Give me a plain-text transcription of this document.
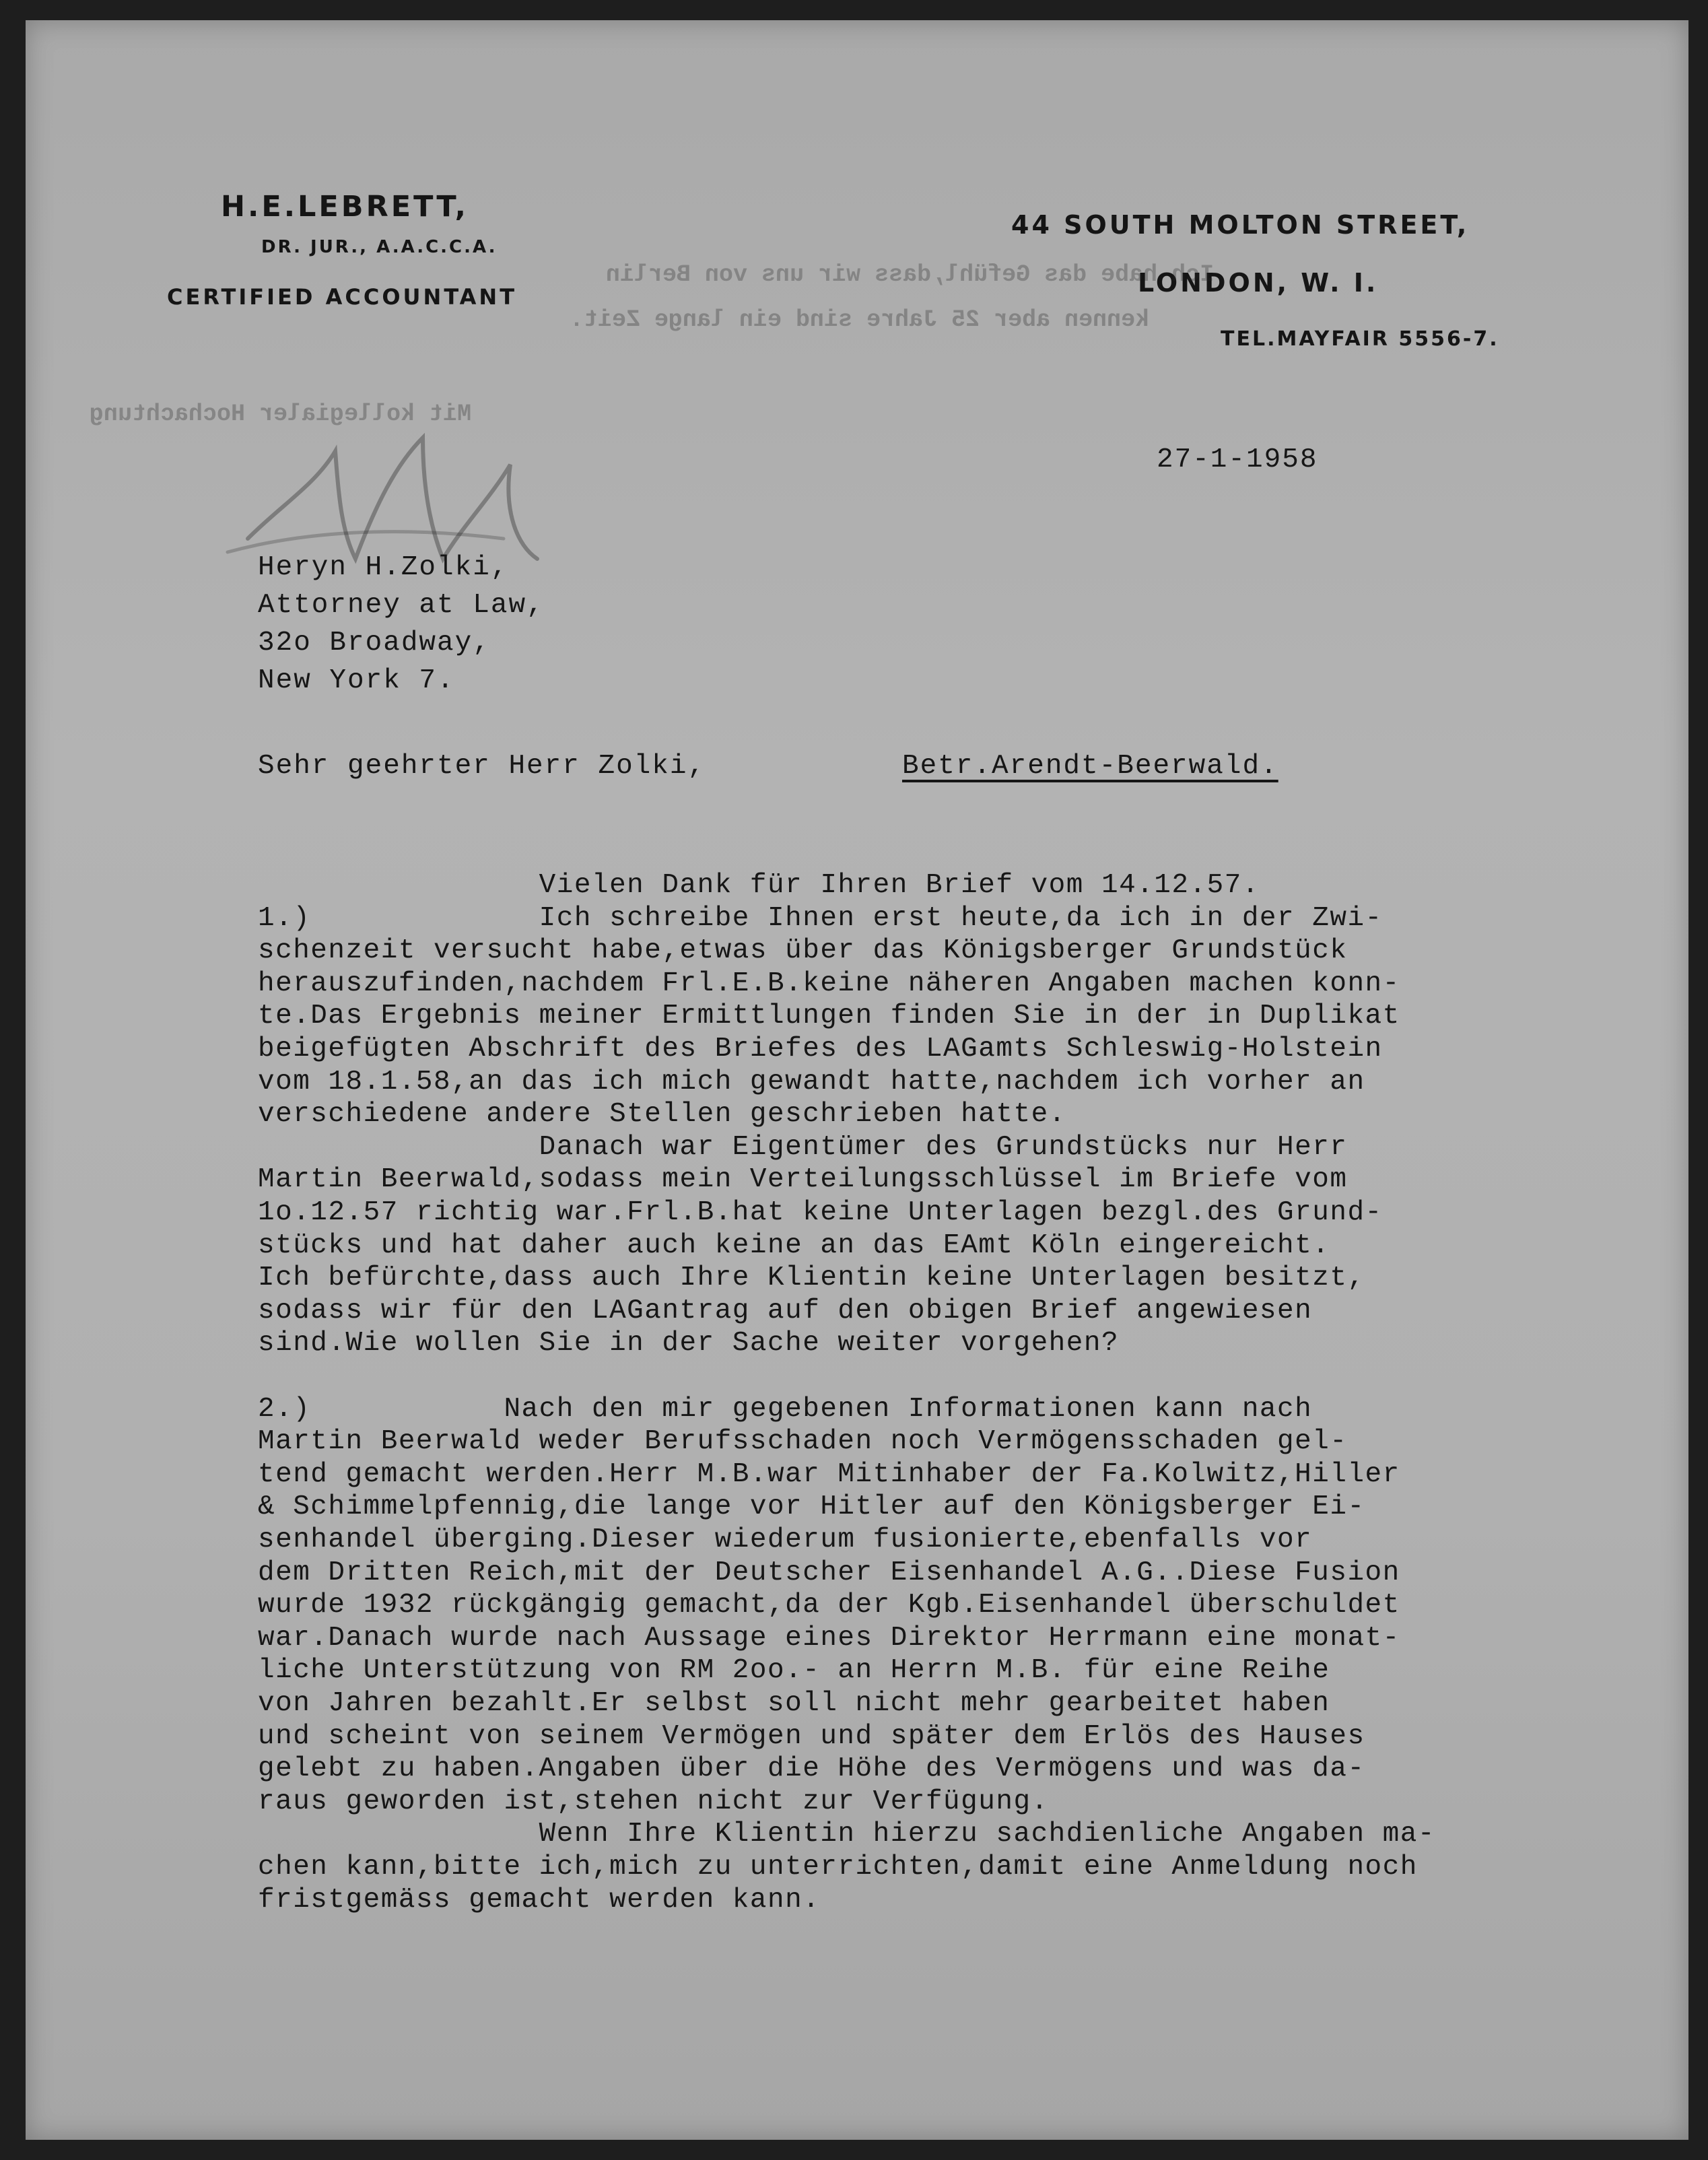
H.E.LEBRETT,
DR. JUR., A.A.C.C.A.
CERTIFIED ACCOUNTANT
44 SOUTH MOLTON STREET,
LONDON, W. I.
TEL.MAYFAIR 5556-7.
Ich habe das Gefühl,dass wir uns von Berlin
kennen aber 25 Jahre sind ein lange Zeit.
Mit kollegialer Hochachtung
27-1-1958
Heryn H.Zolki,
Attorney at Law,
32o Broadway,
New York 7.
Sehr geehrter Herr Zolki,	Betr.Arendt-Beerwald.
Vielen Dank für Ihren Brief vom 14.12.57.
1.)             Ich schreibe Ihnen erst heute,da ich in der Zwi-
schenzeit versucht habe,etwas über das Königsberger Grundstück
herauszufinden,nachdem Frl.E.B.keine näheren Angaben machen konn-
te.Das Ergebnis meiner Ermittlungen finden Sie in der in Duplikat
beigefügten Abschrift des Briefes des LAGamts Schleswig-Holstein
vom 18.1.58,an das ich mich gewandt hatte,nachdem ich vorher an
verschiedene andere Stellen geschrieben hatte.
Danach war Eigentümer des Grundstücks nur Herr
Martin Beerwald,sodass mein Verteilungsschlüssel im Briefe vom
1o.12.57 richtig war.Frl.B.hat keine Unterlagen bezgl.des Grund-
stücks und hat daher auch keine an das EAmt Köln eingereicht.
Ich befürchte,dass auch Ihre Klientin keine Unterlagen besitzt,
sodass wir für den LAGantrag auf den obigen Brief angewiesen
sind.Wie wollen Sie in der Sache weiter vorgehen?
2.)           Nach den mir gegebenen Informationen kann nach
Martin Beerwald weder Berufsschaden noch Vermögensschaden gel-
tend gemacht werden.Herr M.B.war Mitinhaber der Fa.Kolwitz,Hiller
& Schimmelpfennig,die lange vor Hitler auf den Königsberger Ei-
senhandel überging.Dieser wiederum fusionierte,ebenfalls vor
dem Dritten Reich,mit der Deutscher Eisenhandel A.G..Diese Fusion
wurde 1932 rückgängig gemacht,da der Kgb.Eisenhandel überschuldet
war.Danach wurde nach Aussage eines Direktor Herrmann eine monat-
liche Unterstützung von RM 2oo.- an Herrn M.B. für eine Reihe
von Jahren bezahlt.Er selbst soll nicht mehr gearbeitet haben
und scheint von seinem Vermögen und später dem Erlös des Hauses
gelebt zu haben.Angaben über die Höhe des Vermögens und was da-
raus geworden ist,stehen nicht zur Verfügung.
Wenn Ihre Klientin hierzu sachdienliche Angaben ma-
chen kann,bitte ich,mich zu unterrichten,damit eine Anmeldung noch
fristgemäss gemacht werden kann.
